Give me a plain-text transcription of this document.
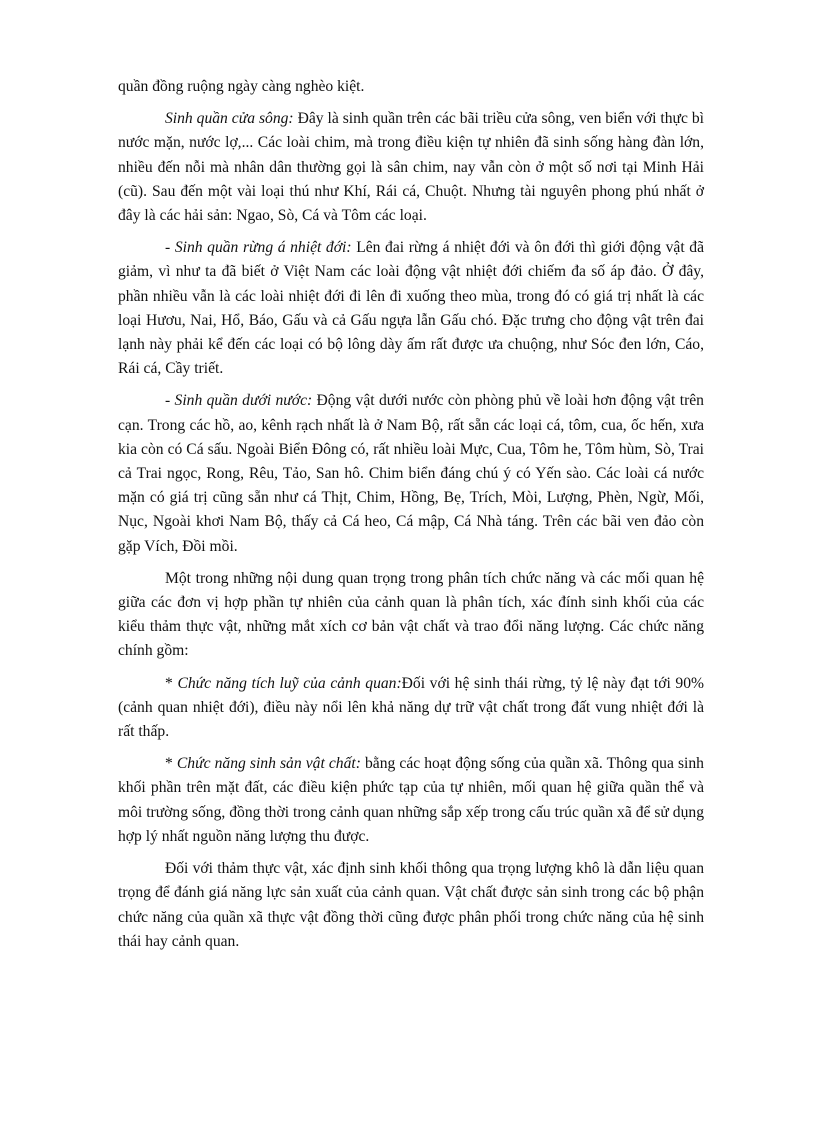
quần đồng ruộng ngày càng nghèo kiệt.

Sinh quần cửa sông: Đây là sinh quần trên các bãi triều cửa sông, ven biển với thực bì nước mặn, nước lợ,... Các loài chim, mà trong điều kiện tự nhiên đã sinh sống hàng đàn lớn, nhiều đến nỗi mà nhân dân thường gọi là sân chim, nay vẫn còn ở một số nơi tại Minh Hải (cũ). Sau đến một vài loại thú như Khí, Rái cá, Chuột. Nhưng tài nguyên phong phú nhất ở đây là các hải sản: Ngao, Sò, Cá và Tôm các loại.

- Sinh quần rừng á nhiệt đới: Lên đai rừng á nhiệt đới và ôn đới thì giới động vật đã giảm, vì như ta đã biết ở Việt Nam các loài động vật nhiệt đới chiếm đa số áp đảo. Ở đây, phần nhiều vẫn là các loài nhiệt đới đi lên đi xuống theo mùa, trong đó có giá trị nhất là các loại Hươu, Nai, Hổ, Báo, Gấu và cả Gấu ngựa lẫn Gấu chó. Đặc trưng cho động vật trên đai lạnh này phải kể đến các loại có bộ lông dày ấm rất được ưa chuộng, như Sóc đen lớn, Cáo, Rái cá, Cầy triết.

- Sinh quần dưới nước: Động vật dưới nước còn phòng phủ về loài hơn động vật trên cạn. Trong các hồ, ao, kênh rạch nhất là ở Nam Bộ, rất sẵn các loại cá, tôm, cua, ốc hến, xưa kia còn có Cá sấu. Ngoài Biển Đông có, rất nhiều loài Mực, Cua, Tôm he, Tôm hùm, Sò, Trai cả Trai ngọc, Rong, Rêu, Tảo, San hô. Chim biển đáng chú ý có Yến sào. Các loài cá nước mặn có giá trị cũng sẵn như cá Thịt, Chim, Hồng, Bẹ, Trích, Mòi, Lượng, Phèn, Ngừ, Mối, Nục, Ngoài khơi Nam Bộ, thấy cả Cá heo, Cá mập, Cá Nhà táng. Trên các bãi ven đảo còn gặp Vích, Đồi mồi.

Một trong những nội dung quan trọng trong phân tích chức năng và các mối quan hệ giữa các đơn vị hợp phần tự nhiên của cảnh quan là phân tích, xác đính sinh khối của các kiểu thảm thực vật, những mắt xích cơ bản vật chất và trao đổi năng lượng. Các chức năng chính gồm:

* Chức năng tích luỹ của cảnh quan:Đối với hệ sinh thái rừng, tỷ lệ này đạt tới 90% (cảnh quan nhiệt đới), điều này nổi lên khả năng dự trữ vật chất trong đất vung nhiệt đới là rất thấp.

* Chức năng sinh sản vật chất: bằng các hoạt động sống của quần xã. Thông qua sinh khối phần trên mặt đất, các điều kiện phức tạp của tự nhiên, mối quan hệ giữa quần thể và môi trường sống, đồng thời trong cảnh quan những sắp xếp trong cấu trúc quần xã để sử dụng hợp lý nhất nguồn năng lượng thu được.

Đối với thảm thực vật, xác định sinh khối thông qua trọng lượng khô là dẫn liệu quan trọng để đánh giá năng lực sản xuất của cảnh quan. Vật chất được sản sinh trong các bộ phận chức năng của quần xã thực vật đồng thời cũng được phân phối trong chức năng của hệ sinh thái hay cảnh quan.
